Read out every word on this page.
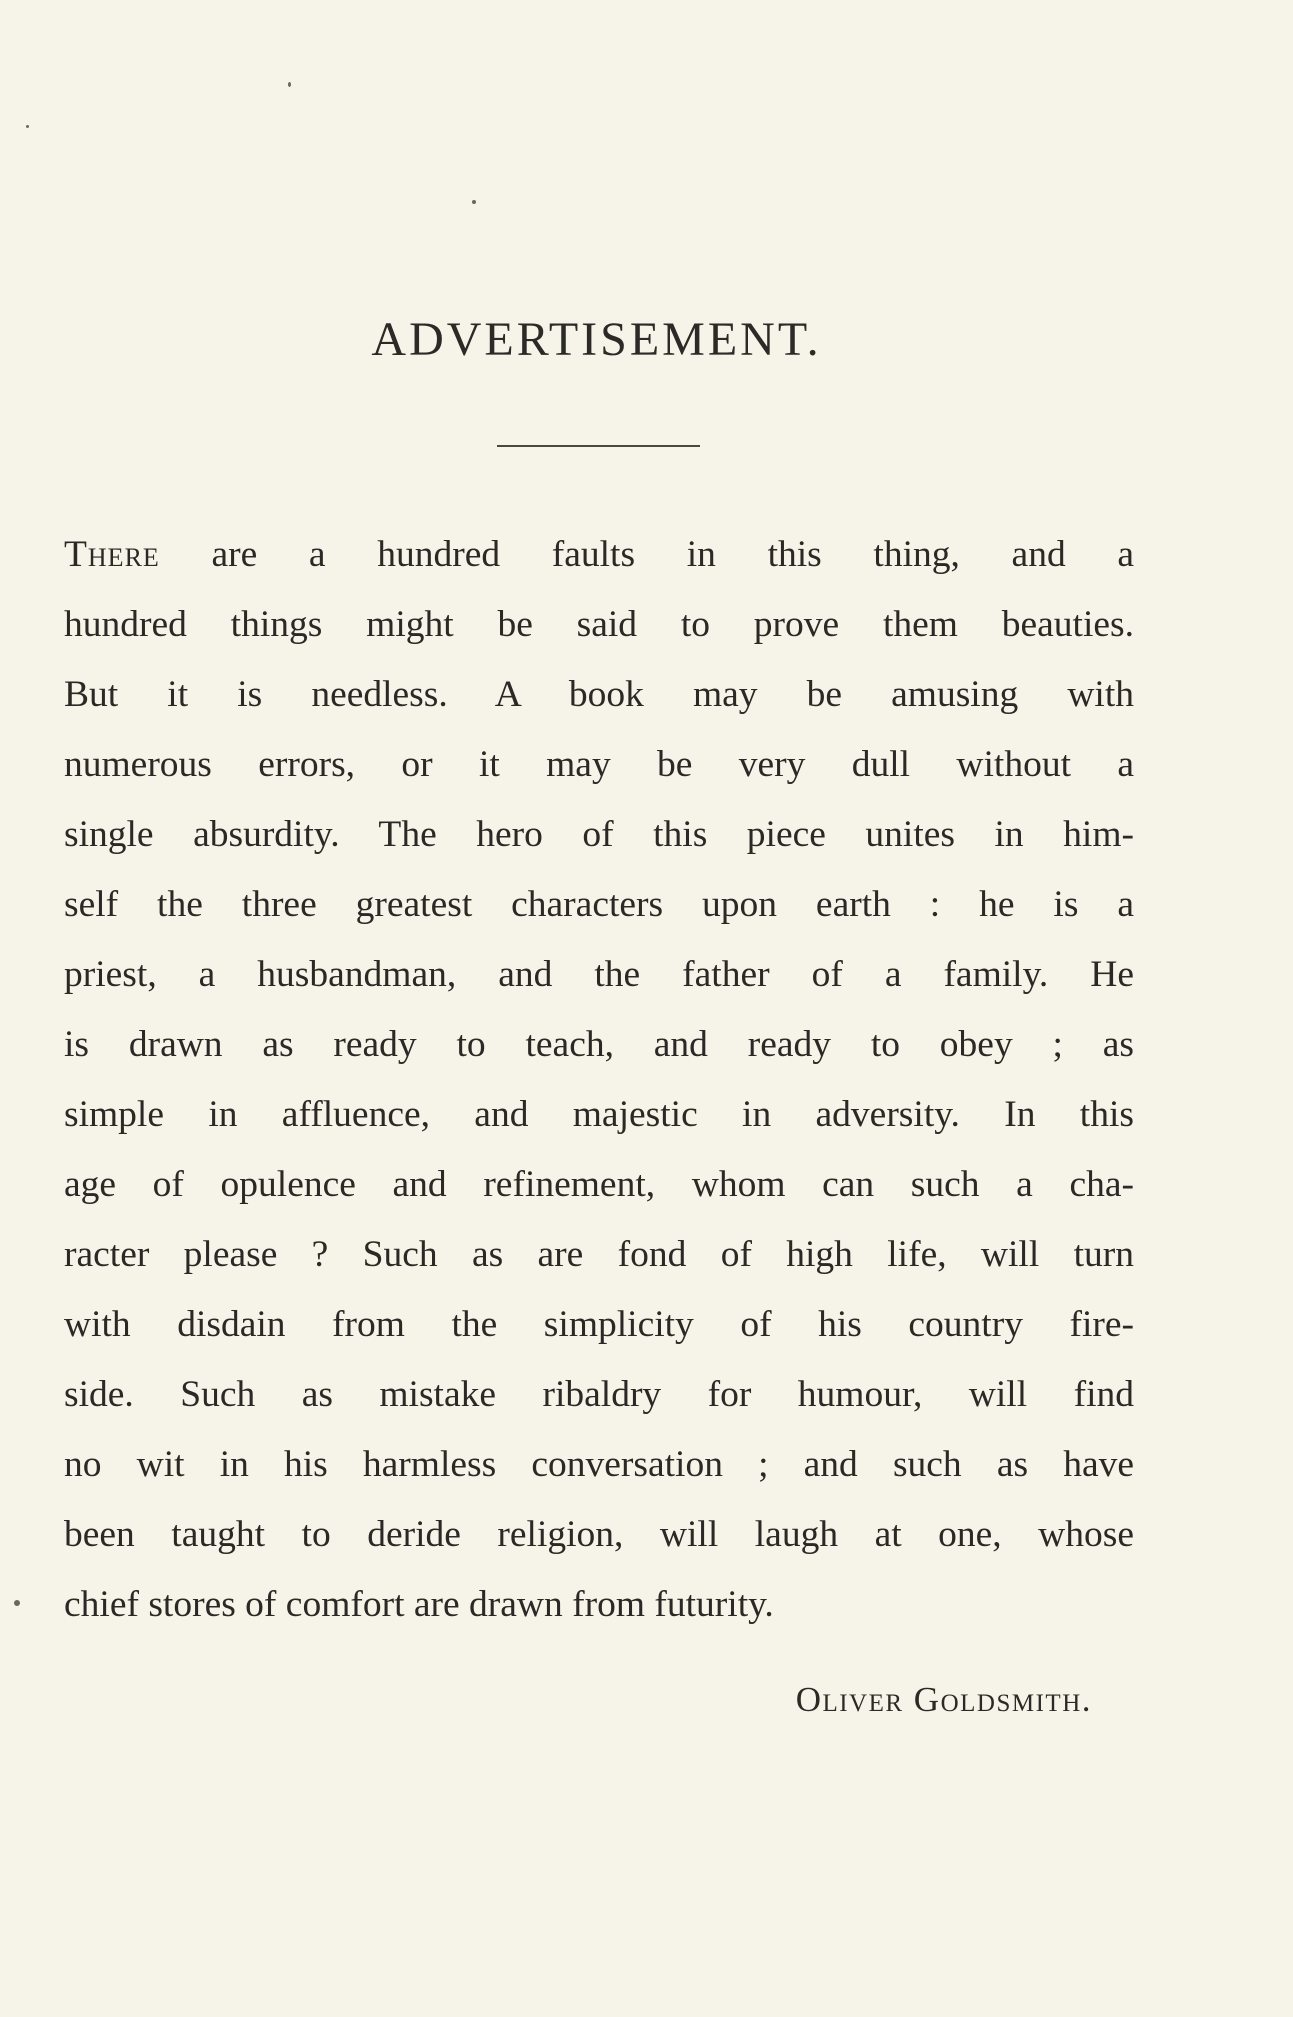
ADVERTISEMENT.
There are a hundred faults in this thing, and a
hundred things might be said to prove them beauties.
But it is needless. A book may be amusing with
numerous errors, or it may be very dull without a
single absurdity. The hero of this piece unites in him-
self the three greatest characters upon earth : he is a
priest, a husbandman, and the father of a family. He
is drawn as ready to teach, and ready to obey ; as
simple in affluence, and majestic in adversity. In this
age of opulence and refinement, whom can such a cha-
racter please ? Such as are fond of high life, will turn
with disdain from the simplicity of his country fire-
side. Such as mistake ribaldry for humour, will find
no wit in his harmless conversation ; and such as have
been taught to deride religion, will laugh at one, whose
chief stores of comfort are drawn from futurity.

Oliver Goldsmith.
